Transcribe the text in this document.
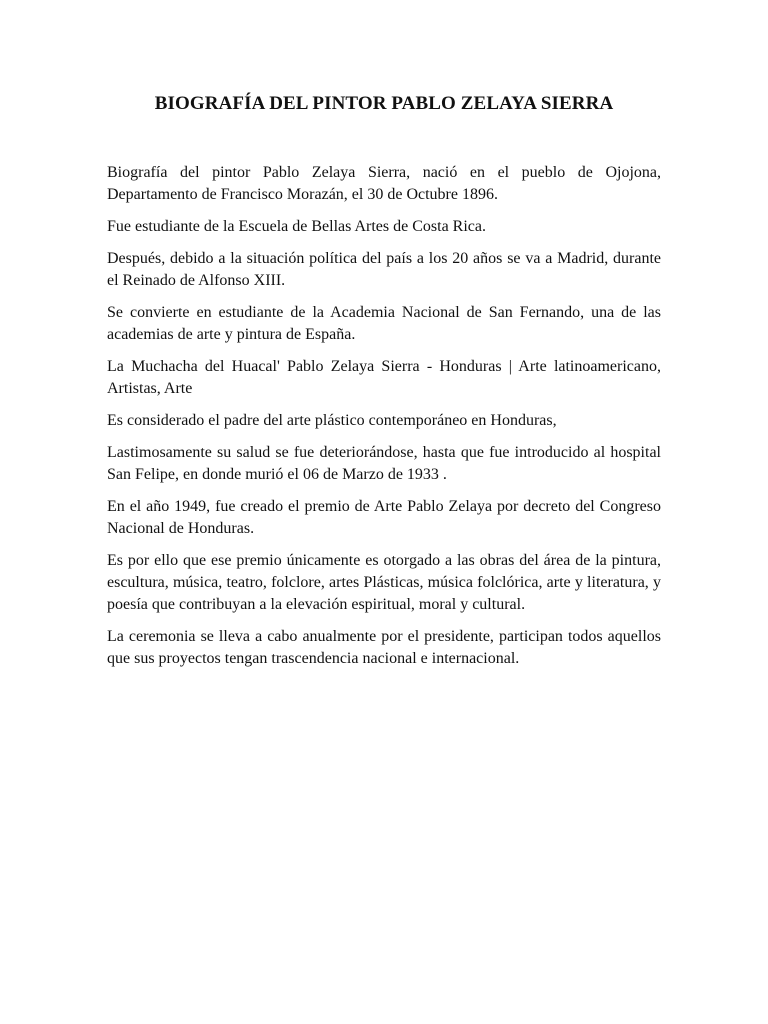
BIOGRAFÍA DEL PINTOR PABLO ZELAYA SIERRA

Biografía del pintor Pablo Zelaya Sierra, nació en el pueblo de Ojojona, Departamento de Francisco Morazán, el 30 de Octubre 1896.

Fue estudiante de la Escuela de Bellas Artes de Costa Rica.

Después, debido a la situación política del país a los 20 años se va a Madrid, durante el Reinado de Alfonso XIII.

Se convierte en estudiante de la Academia Nacional de San Fernando, una de las academias de arte y pintura de España.

La Muchacha del Huacal' Pablo Zelaya Sierra - Honduras | Arte latinoamericano, Artistas, Arte

Es considerado el padre del arte plástico contemporáneo en Honduras,

Lastimosamente su salud se fue deteriorándose, hasta que fue introducido al hospital San Felipe, en donde murió el 06 de Marzo de 1933 .

En el año 1949, fue creado el premio de Arte Pablo Zelaya por decreto del Congreso Nacional de Honduras.

Es por ello que ese premio únicamente es otorgado a las obras del área de la pintura, escultura, música, teatro, folclore, artes Plásticas, música folclórica, arte y literatura, y poesía que contribuyan a la elevación espiritual, moral y cultural.

La ceremonia se lleva a cabo anualmente por el presidente, participan todos aquellos que sus proyectos tengan trascendencia nacional e internacional.
